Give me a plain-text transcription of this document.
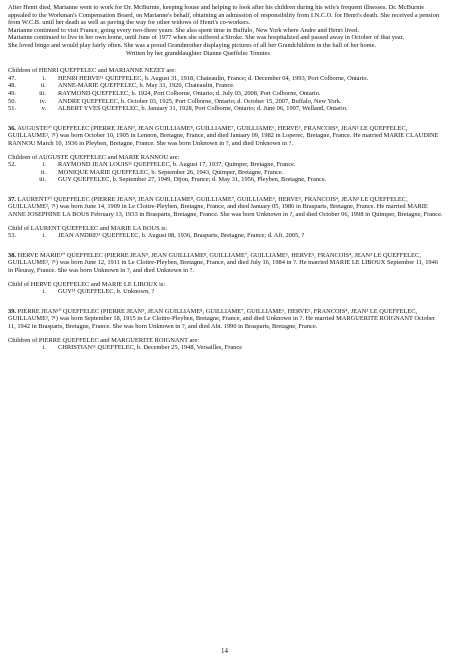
After Henri died, Marianne went to work for Dr. McBurnie, keeping house and helping to look after his children during his wife's frequent illnesses. Dr. McBurnie appealed to the Workman's Compensation Board, on Marianne's behalf, obtaining an admission of responsibility from I.N.C.O. for Henri's death. She received a pension from W.C.B. until her death as well as paving the way for other widows of Henri's co-workers.

Marianne continued to visit France, going every two-three years. She also spent time in Buffalo, New York where Andre and Henri lived.

Marianne continued to live in her own home, until June of 1977 when she suffered a Stroke. She was hospitalized and passed away in October of that year.

She loved bingo and would play fairly often. She was a proud Grandmother displaying pictures of all her Grandchildren in the hall of her home.

Written by her granddaughter Dianne Queffelec Tonnies

Children of HENRI QUEFFELEC and MARIANNE NEZET are:

47.	i.	HENRI HERVE¹¹ QUEFFELEC, b. August 31, 1918, Chateaulin, France; d. December 04, 1993, Port Colborne, Ontario.
48.	ii.	ANNE-MARIE QUEFFELEC, b. May 31, 1920, Chateaulin, France.
49.	iii.	RAYMOND QUEFFELEC, b. 1924, Port Colborne, Ontario; d. July 03, 2008, Port Colborne, Ontario.
50.	iv.	ANDRE QUEFFELEC, b. October 03, 1925, Port Colborne, Ontario; d. October 15, 2007, Buffalo, New York.
51.	v.	ALBERT YVES QUEFFELEC, b. January 31, 1928, Port Colborne, Ontario; d. June 06, 1997, Welland, Ontario.

36. AUGUSTE¹⁰ QUEFFELEC (PIERRE JEAN⁹, JEAN GUILLIAME⁸, GUILLIAME⁷, GUILLIAME⁶, HERVE⁵, FRANCOIS⁴, JEAN³ LE QUEFFELEC, GUILLAUME², ?¹) was born October 10, 1905 in Lennon, Bretagne, France, and died January 09, 1982 in Loperec, Bretagne, France. He married MARIE CLAUDINE RANNOU March 10, 1936 in Pleyben, Bretagne, France. She was born Unknown in ?, and died Unknown in ?.

Children of AUGUSTE QUEFFELEC and MARIE RANNOU are:

52.	i.	RAYMOND JEAN LOUIS¹¹ QUEFFELEC, b. August 17, 1937, Quimper, Bretagne, France.
ii.	MONIQUE MARIE QUEFFELEC, b. September 26, 1943, Quimper, Bretagne, France.
iii.	GUY QUEFFELEC, b. September 27, 1949, Dijon, France; d. May 31, 1956, Pleyben, Bretagne, France.

37. LAURENT¹⁰ QUEFFELEC (PIERRE JEAN⁹, JEAN GUILLIAME⁸, GUILLIAME⁷, GUILLIAME⁶, HERVE⁵, FRANCOIS⁴, JEAN³ LE QUEFFELEC, GUILLAUME², ?¹) was born June 14, 1909 in Le Cloitre-Pleyben, Bretagne, France, and died January 05, 1986 in Brasparts, Bretagne, France. He married MARIE ANNE JOSEPHINE LA BOUS February 13, 1933 in Brasparts, Bretagne, France. She was born Unknown in ?, and died October 06, 1998 in Quimper, Bretagne, France.

Child of LAURENT QUEFFELEC and MARIE LA BOUS is:

53.	i.	JEAN ANDRE¹¹ QUEFFELEC, b. August 08, 1936, Brasparts, Bretagne, France; d. Aft. 2005, ?

38. HERVE MARIE¹⁰ QUEFFELEC (PIERRE JEAN⁹, JEAN GUILLIAME⁸, GUILLIAME⁷, GUILLIAME⁶, HERVE⁵, FRANCOIS⁴, JEAN³ LE QUEFFELEC, GUILLAUME², ?¹) was born June 12, 1911 in Le Cloitre-Pleyben, Bretagne, France, and died July 16, 1984 in ?. He married MARIE LE LIBOUX September 11, 1946 in Pleuray, France. She was born Unknown in ?, and died Unknown in ?.

Child of HERVE QUEFFELEC and MARIE LE LIBOUX is:

i.	GUY¹¹ QUEFFELEC, b. Unknown, ?

39. PIERRE JEAN¹⁰ QUEFFELEC (PIERRE JEAN⁹, JEAN GUILLIAME⁸, GUILLIAME⁷, GUILLIAME⁶, HERVE⁵, FRANCOIS⁴, JEAN³ LE QUEFFELEC, GUILLAUME², ?¹) was born September 18, 1915 in Le Cloitre-Pleyben, Bretagne, France, and died Unknown in ?. He married MARGUERITE ROIGNANT October 11, 1942 in Brasparts, Bretagne, France. She was born Unknown in ?, and died Abt. 1990 in Brasparts, Bretagne, France.

Children of PIERRE QUEFFELEC and MARGUERITE ROIGNANT are:

i.	CHRISTIAN¹¹ QUEFFELEC, b. December 25, 1948, Versailles, France
14
